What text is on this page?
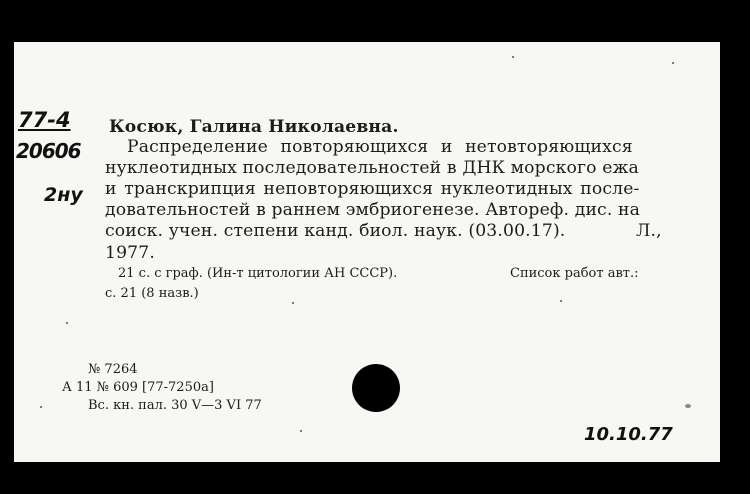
77-4
20606
2ну
10.10.77
Косюк, Галина Николаевна.
Распределение повторяющихся и нетовторяющихся
нуклеотидных последовательностей в ДНК морского ежа
и транскрипция неповторяющихся нуклеотидных после-
довательностей в раннем эмбриогенезе. Автореф. дис. на
соиск. учен. степени канд. биол. наук. (03.00.17).	Л.,
1977.
21 с. с граф. (Ин-т цитологии АН СССР).	Список работ авт.:
с. 21 (8 назв.)
№ 7264
А 11 № 609 [77-7250а]
Вс. кн. пал. 30 V—3 VI 77
